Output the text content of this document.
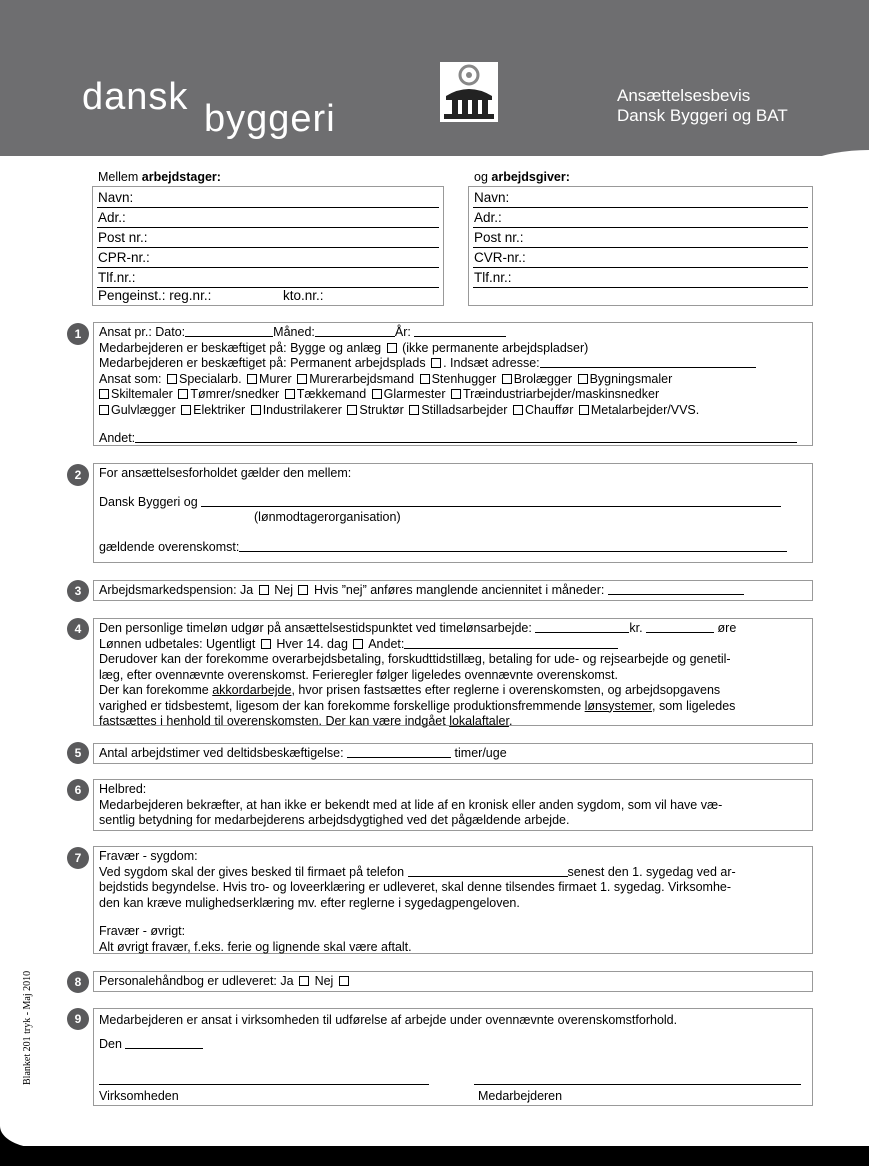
dansk
byggeri
Ansættelsesbevis
Dansk Byggeri og BAT
Mellem arbejdstager:	og arbejdsgiver:
Navn:
Adr.:
Post nr.:
CPR-nr.:
Tlf.nr.:
Pengeinst.: reg.nr.:	kto.nr.:
Navn:
Adr.:
Post nr.:
CVR-nr.:
Tlf.nr.:
1	Ansat pr.: Dato:	Måned:	År:

Medarbejderen er beskæftiget på: Bygge og anlæg (ikke permanente arbejdspladser)

Medarbejderen er beskæftiget på: Permanent arbejdsplads . Indsæt adresse:

Ansat som: Specialarb. Murer Murerarbejdsmand Stenhugger Brolægger Bygningsmaler

Skiltemaler Tømrer/snedker Tækkemand Glarmester Træindustriarbejder/maskinsnedker

Gulvlægger Elektriker Industrilakerer Struktør Stilladsarbejder Chauffør Metalarbejder/VVS.

Andet:

2	For ansættelsesforholdet gælder den mellem:

Dansk Byggeri og

(lønmodtagerorganisation)

gældende overenskomst:

3	Arbejdsmarkedspension: Ja Nej Hvis ”nej” anføres manglende anciennitet i måneder:

4	Den personlige timeløn udgør på ansættelsestidspunktet ved timelønsarbejde:	kr.	øre

Lønnen udbetales: Ugentligt Hver 14. dag Andet:

Derudover kan der forekomme overarbejdsbetaling, forskudttidstillæg, betaling for ude- og rejsearbejde og genetil-

læg, efter ovennævnte overenskomst. Ferieregler følger ligeledes ovennævnte overenskomst.

Der kan forekomme akkordarbejde, hvor prisen fastsættes efter reglerne i overenskomsten, og arbejdsopgavens

varighed er tidsbestemt, ligesom der kan forekomme forskellige produktionsfremmende lønsystemer, som ligeledes

fastsættes i henhold til overenskomsten. Der kan være indgået lokalaftaler.

5	Antal arbejdstimer ved deltidsbeskæftigelse:	timer/uge

6	Helbred:

Medarbejderen bekræfter, at han ikke er bekendt med at lide af en kronisk eller anden sygdom, som vil have væ-

sentlig betydning for medarbejderens arbejdsdygtighed ved det pågældende arbejde.

7	Fravær - sygdom:

Ved sygdom skal der gives besked til firmaet på telefon	senest den 1. sygedag ved ar-

bejdstids begyndelse. Hvis tro- og loveerklæring er udleveret, skal denne tilsendes firmaet 1. sygedag. Virksomhe-

den kan kræve mulighedserklæring mv. efter reglerne i sygedagpengeloven.

Fravær - øvrigt:

Alt øvrigt fravær, f.eks. ferie og lignende skal være aftalt.

8	Personalehåndbog er udleveret: Ja Nej

9	Medarbejderen er ansat i virksomheden til udførelse af arbejde under ovennævnte overenskomstforhold.

Den

Virksomheden	Medarbejderen
Blanket 201 tryk - Maj 2010
